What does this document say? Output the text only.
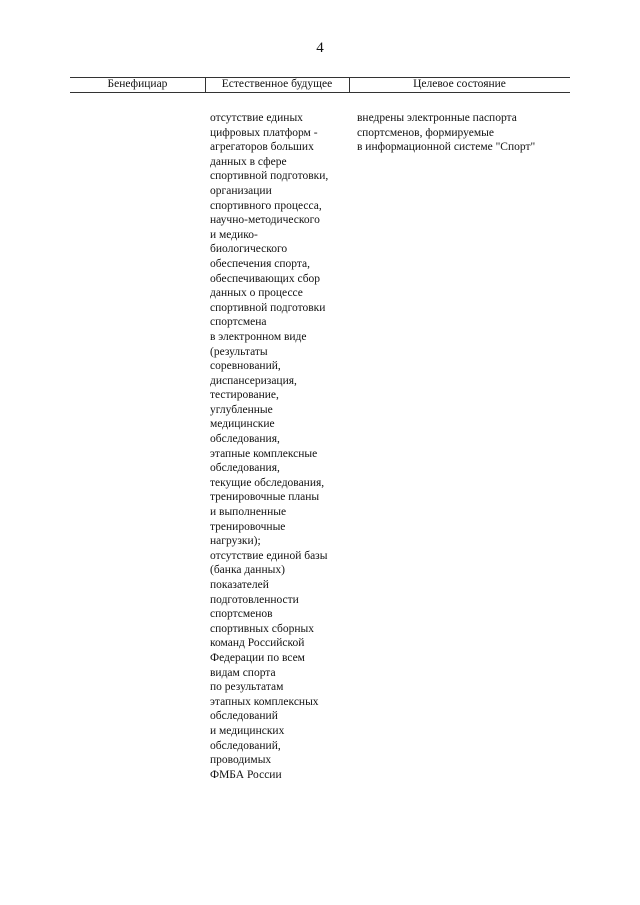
4
Бенефициар	Естественное будущее	Целевое состояние
отсутствие единых
цифровых платформ -
агрегаторов больших
данных в сфере
спортивной подготовки,
организации
спортивного процесса,
научно-методического
и медико-
биологического
обеспечения спорта,
обеспечивающих сбор
данных о процессе
спортивной подготовки
спортсмена
в электронном виде
(результаты
соревнований,
диспансеризация,
тестирование,
углубленные
медицинские
обследования,
этапные комплексные
обследования,
текущие обследования,
тренировочные планы
и выполненные
тренировочные
нагрузки);
отсутствие единой базы
(банка данных)
показателей
подготовленности
спортсменов
спортивных сборных
команд Российской
Федерации по всем
видам спорта
по результатам
этапных комплексных
обследований
и медицинских
обследований,
проводимых
ФМБА России
внедрены электронные паспорта
спортсменов, формируемые
в информационной системе "Спорт"
